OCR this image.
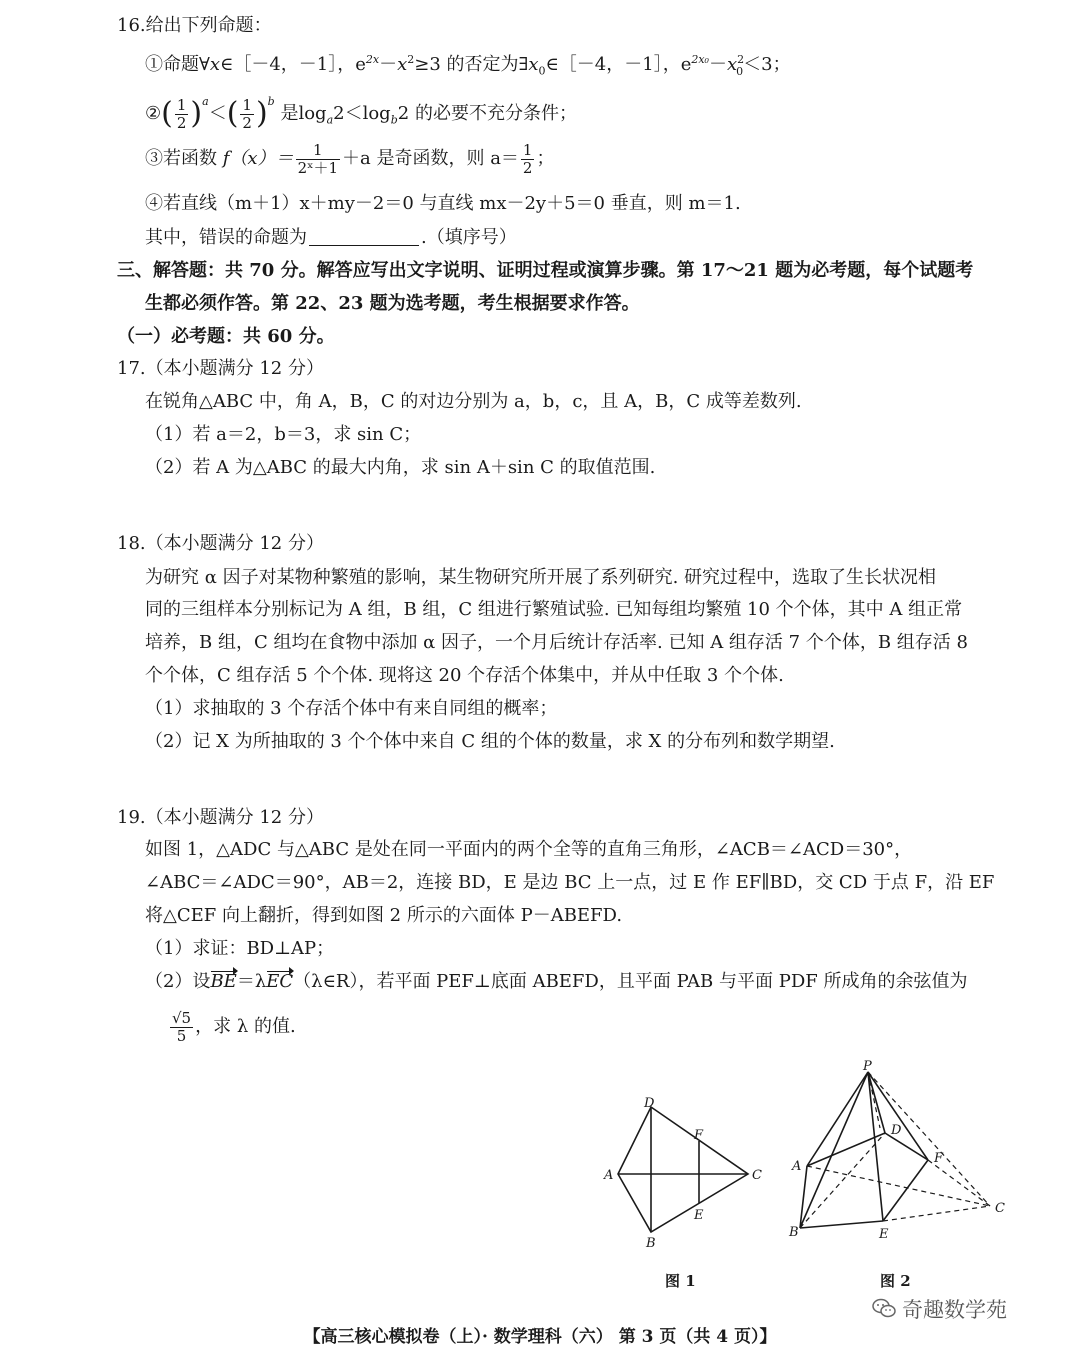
16.给出下列命题：
①命题∀x∈［－4，－1］，$e^{2x}-x^2\ge 3$ 的否定为$\exists x_0\in[-4$，－1］，$e^{2x_0}-x^2_0<3$；
②( $\frac{1}{2} )^a<( \frac{1}{2} )^b$ 是$\log_a2<\log_b2$ 的必要不充分条件；
③若函数 $f(x)= \frac{1}{\text{2ˣ＋1}} +a$ 是奇函数，则 $a= \frac{1}{2}$ ；
④若直线（m＋1）x＋my－2＝0 与直线 mx－2y＋5＝0 垂直，则 m＝1.
其中，错误的命题为	.（填序号）
三、解答题：共 70 分。解答应写出文字说明、证明过程或演算步骤。第 17～21 题为必考题，每个试题考
生都必须作答。第 22、23 题为选考题，考生根据要求作答。
（一）必考题：共 60 分。
17.（本小题满分 12 分）
在锐角△ABC 中，角 A，B，C 的对边分别为 a，b，c，且 A，B，C 成等差数列.
（1）若 a＝2，b＝3，求 sin C；
（2）若 A 为△ABC 的最大内角，求 sin A＋sin C 的取值范围.
18.（本小题满分 12 分）
为研究 α 因子对某物种繁殖的影响，某生物研究所开展了系列研究. 研究过程中，选取了生长状况相
同的三组样本分别标记为 A 组，B 组，C 组进行繁殖试验. 已知每组均繁殖 10 个个体，其中 A 组正常
培养，B 组，C 组均在食物中添加 α 因子，一个月后统计存活率. 已知 A 组存活 7 个个体，B 组存活 8
个个体，C 组存活 5 个个体. 现将这 20 个存活个体集中，并从中任取 3 个个体.
（1）求抽取的 3 个存活个体中有来自同组的概率；
（2）记 X 为所抽取的 3 个个体中来自 C 组的个体的数量，求 X 的分布列和数学期望.
19.（本小题满分 12 分）
如图 1，△ADC 与△ABC 是处在同一平面内的两个全等的直角三角形，∠ACB＝∠ACD＝30°，
∠ABC＝∠ADC＝90°，AB＝2，连接 BD，E 是边 BC 上一点，过 E 作 EF∥BD，交 CD 于点 F，沿 EF
将△CEF 向上翻折，得到如图 2 所示的六面体 P－ABEFD.
（1）求证：BD⊥AP；
（2）设BE＝λEC（λ∈R），若平面 PEF⊥底面 ABEFD，且平面 PAB 与平面 PDF 所成角的余弦值为
$\frac{√5}{5}$ ，求 λ 的值.
D
A
B
C
F
E
图 1
P
A
B	E
F
D
C
图 2
奇趣数学苑
【高三核心模拟卷（上）· 数学理科（六） 第 3 页（共 4 页）】
